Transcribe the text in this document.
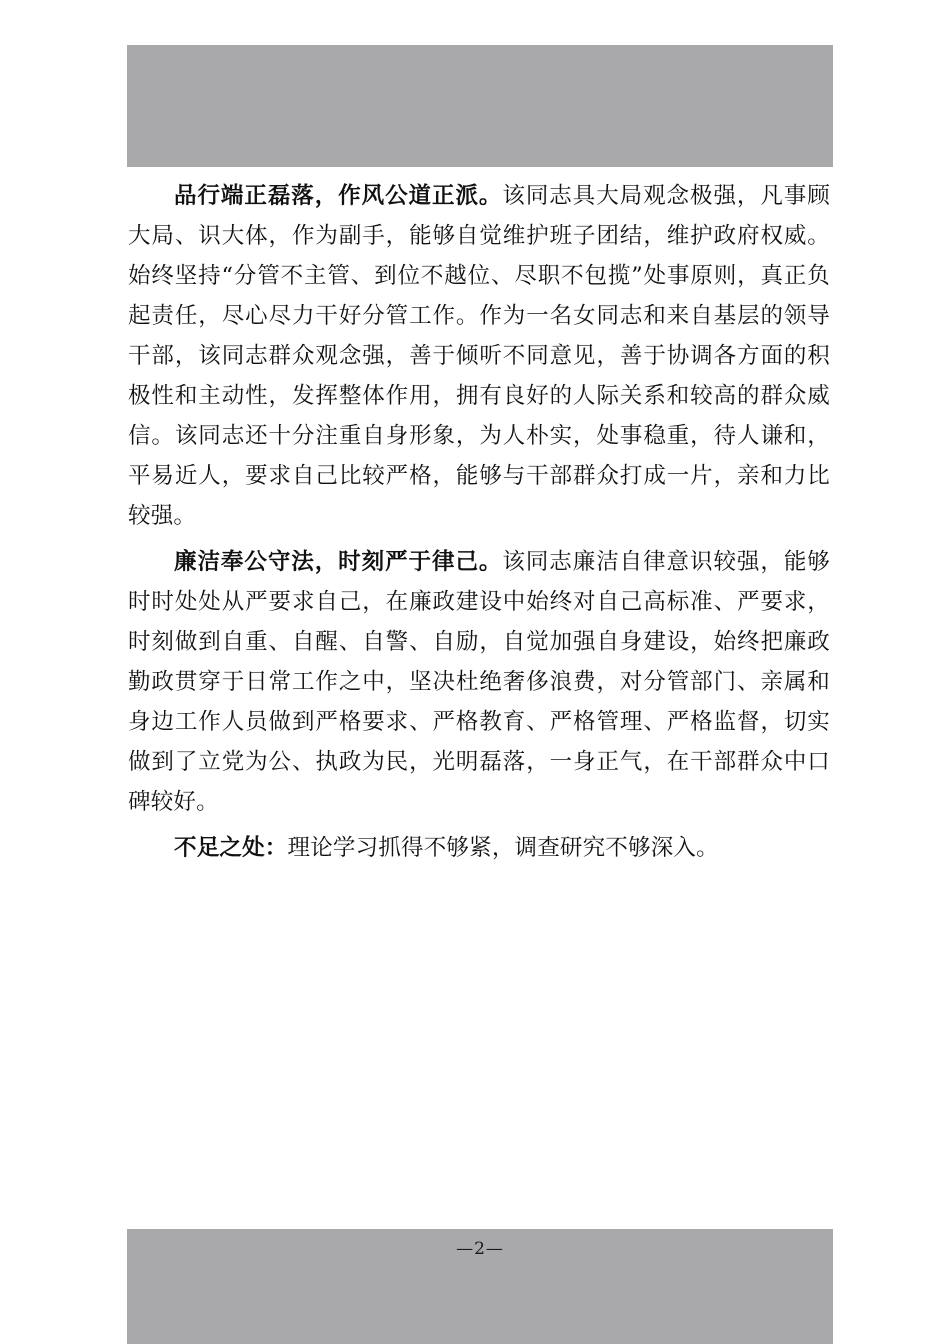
品行端正磊落，作风公道正派。该同志具大局观念极强，凡事顾大局、识大体，作为副手，能够自觉维护班子团结，维护政府权威。始终坚持“分管不主管、到位不越位、尽职不包揽”处事原则，真正负起责任，尽心尽力干好分管工作。作为一名女同志和来自基层的领导干部，该同志群众观念强，善于倾听不同意见，善于协调各方面的积极性和主动性，发挥整体作用，拥有良好的人际关系和较高的群众威信。该同志还十分注重自身形象，为人朴实，处事稳重，待人谦和，平易近人，要求自己比较严格，能够与干部群众打成一片，亲和力比较强。

廉洁奉公守法，时刻严于律己。该同志廉洁自律意识较强，能够时时处处从严要求自己，在廉政建设中始终对自己高标准、严要求，时刻做到自重、自醒、自警、自励，自觉加强自身建设，始终把廉政勤政贯穿于日常工作之中，坚决杜绝奢侈浪费，对分管部门、亲属和身边工作人员做到严格要求、严格教育、严格管理、严格监督，切实做到了立党为公、执政为民，光明磊落，一身正气，在干部群众中口碑较好。

不足之处：理论学习抓得不够紧，调查研究不够深入。

—2—
